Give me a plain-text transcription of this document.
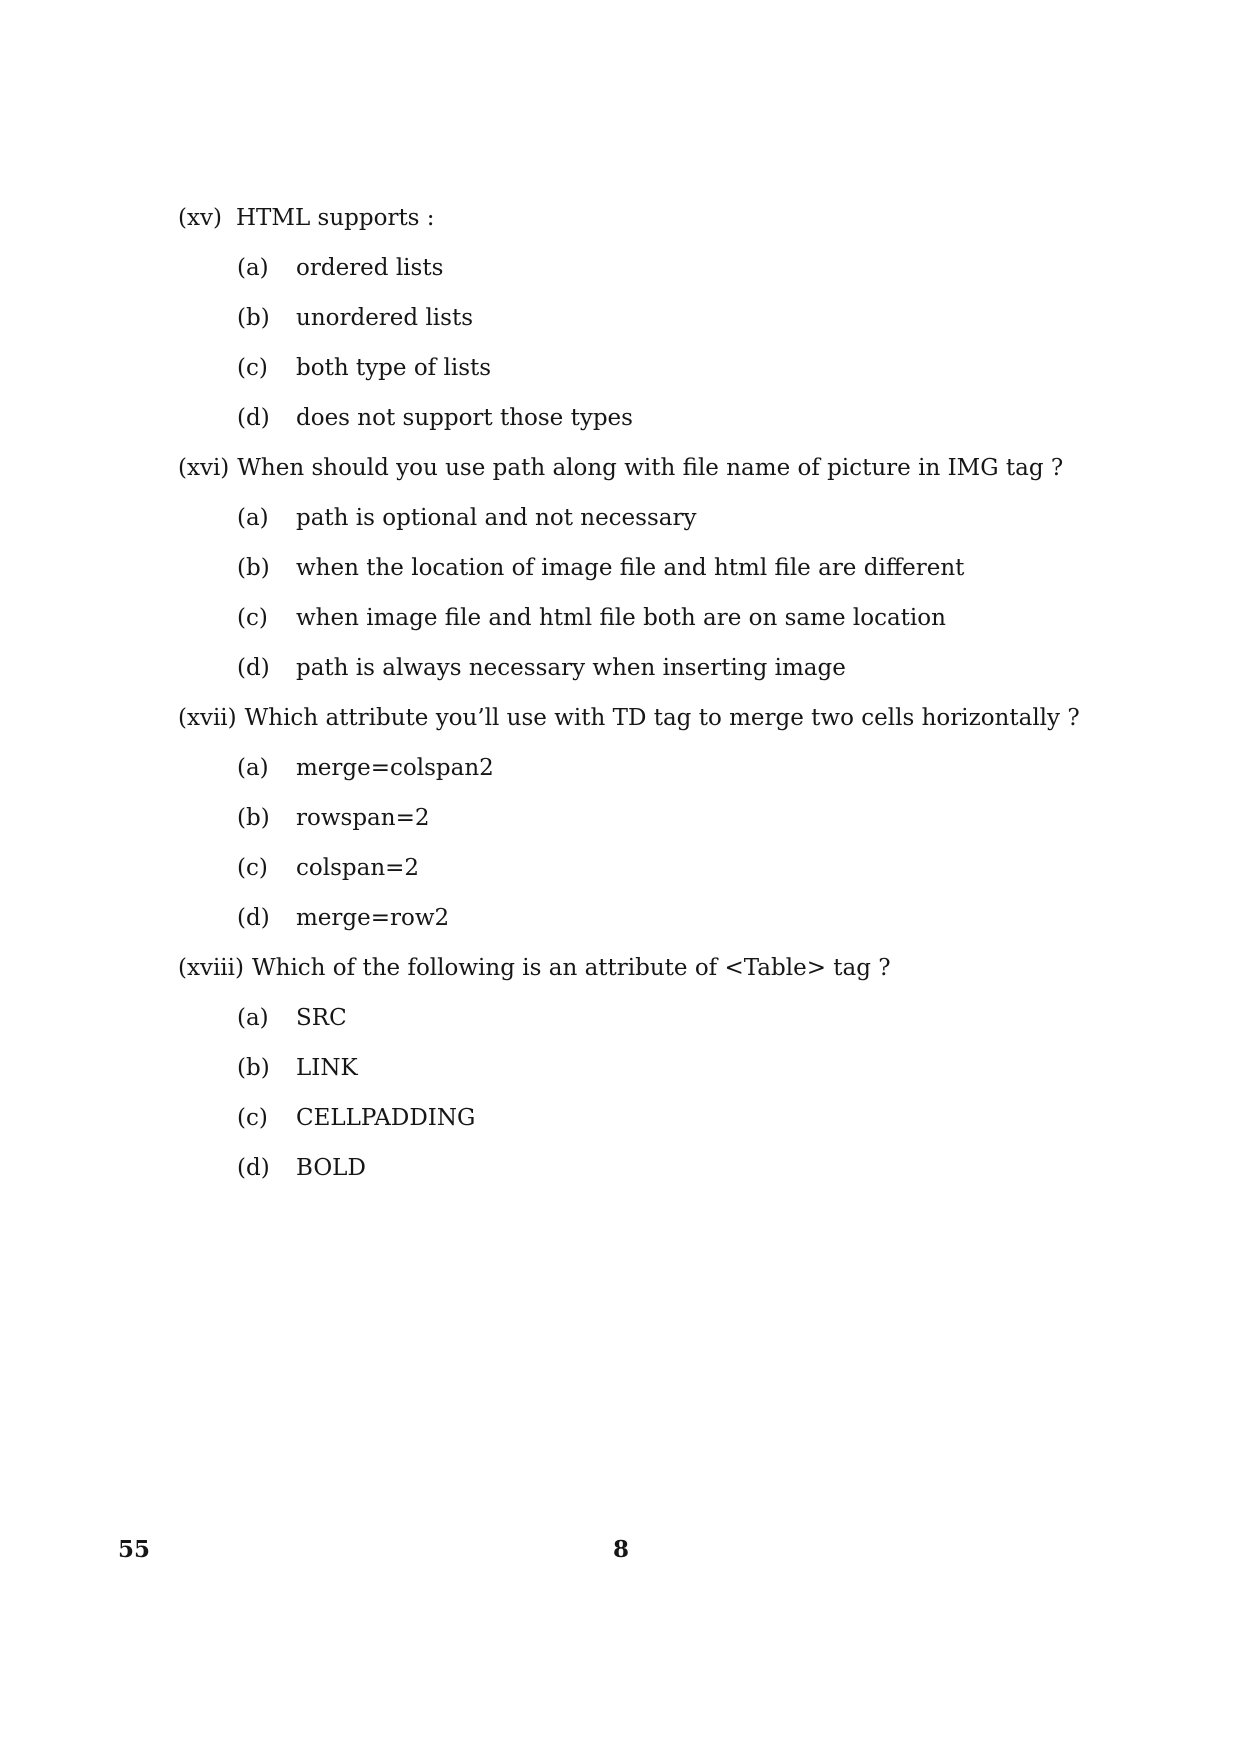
(xv) HTML supports :
(a) ordered lists
(b) unordered lists
(c) both type of lists
(d) does not support those types
(xvi) When should you use path along with file name of picture in IMG tag ?
(a) path is optional and not necessary
(b) when the location of image file and html file are different
(c) when image file and html file both are on same location
(d) path is always necessary when inserting image
(xvii) Which attribute you’ll use with TD tag to merge two cells horizontally ?
(a) merge=colspan2
(b) rowspan=2
(c) colspan=2
(d) merge=row2
(xviii) Which of the following is an attribute of <Table> tag ?
(a) SRC
(b) LINK
(c) CELLPADDING
(d) BOLD
55	8
